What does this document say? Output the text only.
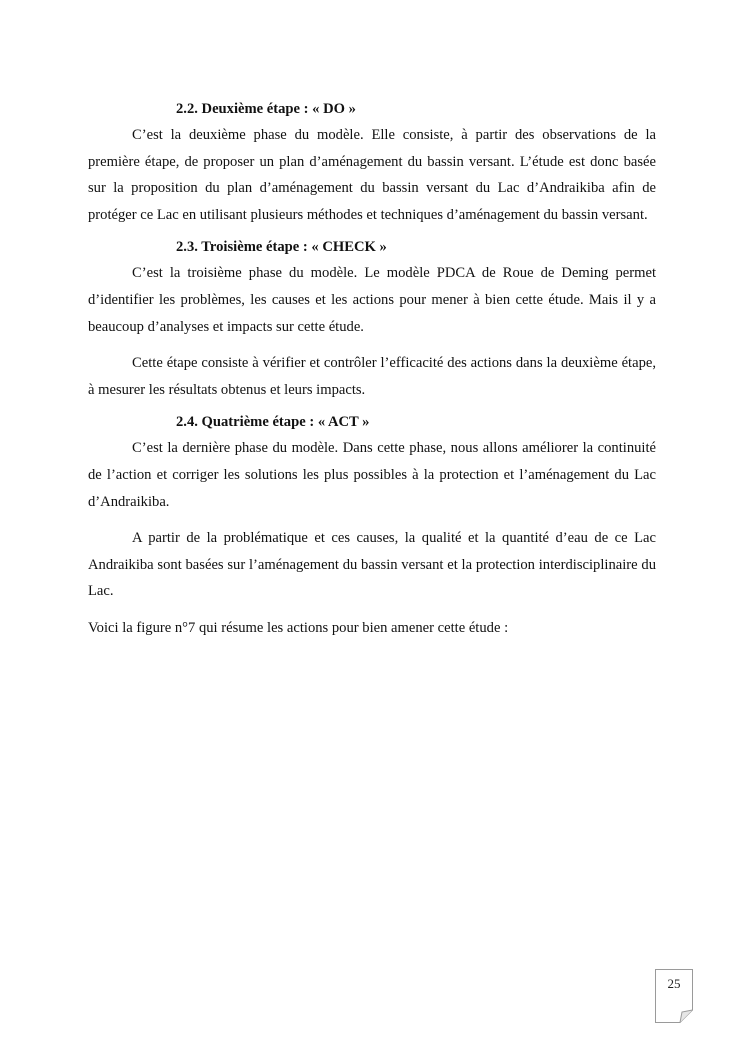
2.2. Deuxième étape : « DO »

C’est la deuxième phase du modèle. Elle consiste, à partir des observations de la première étape, de proposer un plan d’aménagement du bassin versant. L’étude est donc basée sur la proposition du plan d’aménagement du bassin versant du Lac d’Andraikiba afin de protéger ce Lac en utilisant plusieurs méthodes et techniques d’aménagement du bassin versant.

2.3. Troisième étape : « CHECK »

C’est la troisième phase du modèle. Le modèle PDCA de Roue de Deming permet d’identifier les problèmes, les causes et les actions pour mener à bien cette étude. Mais il y a beaucoup d’analyses et impacts sur cette étude.

Cette étape consiste à vérifier et contrôler l’efficacité des actions dans la deuxième étape, à mesurer les résultats obtenus et leurs impacts.

2.4. Quatrième étape : « ACT »

C’est la dernière phase du modèle. Dans cette phase, nous allons améliorer la continuité de l’action et corriger les solutions les plus possibles à la protection et l’aménagement du Lac d’Andraikiba.

A partir de la problématique et ces causes, la qualité et la quantité d’eau de ce Lac Andraikiba sont basées sur l’aménagement du bassin versant et la protection interdisciplinaire du Lac.

Voici la figure n°7 qui résume les actions pour bien amener cette étude :

25
